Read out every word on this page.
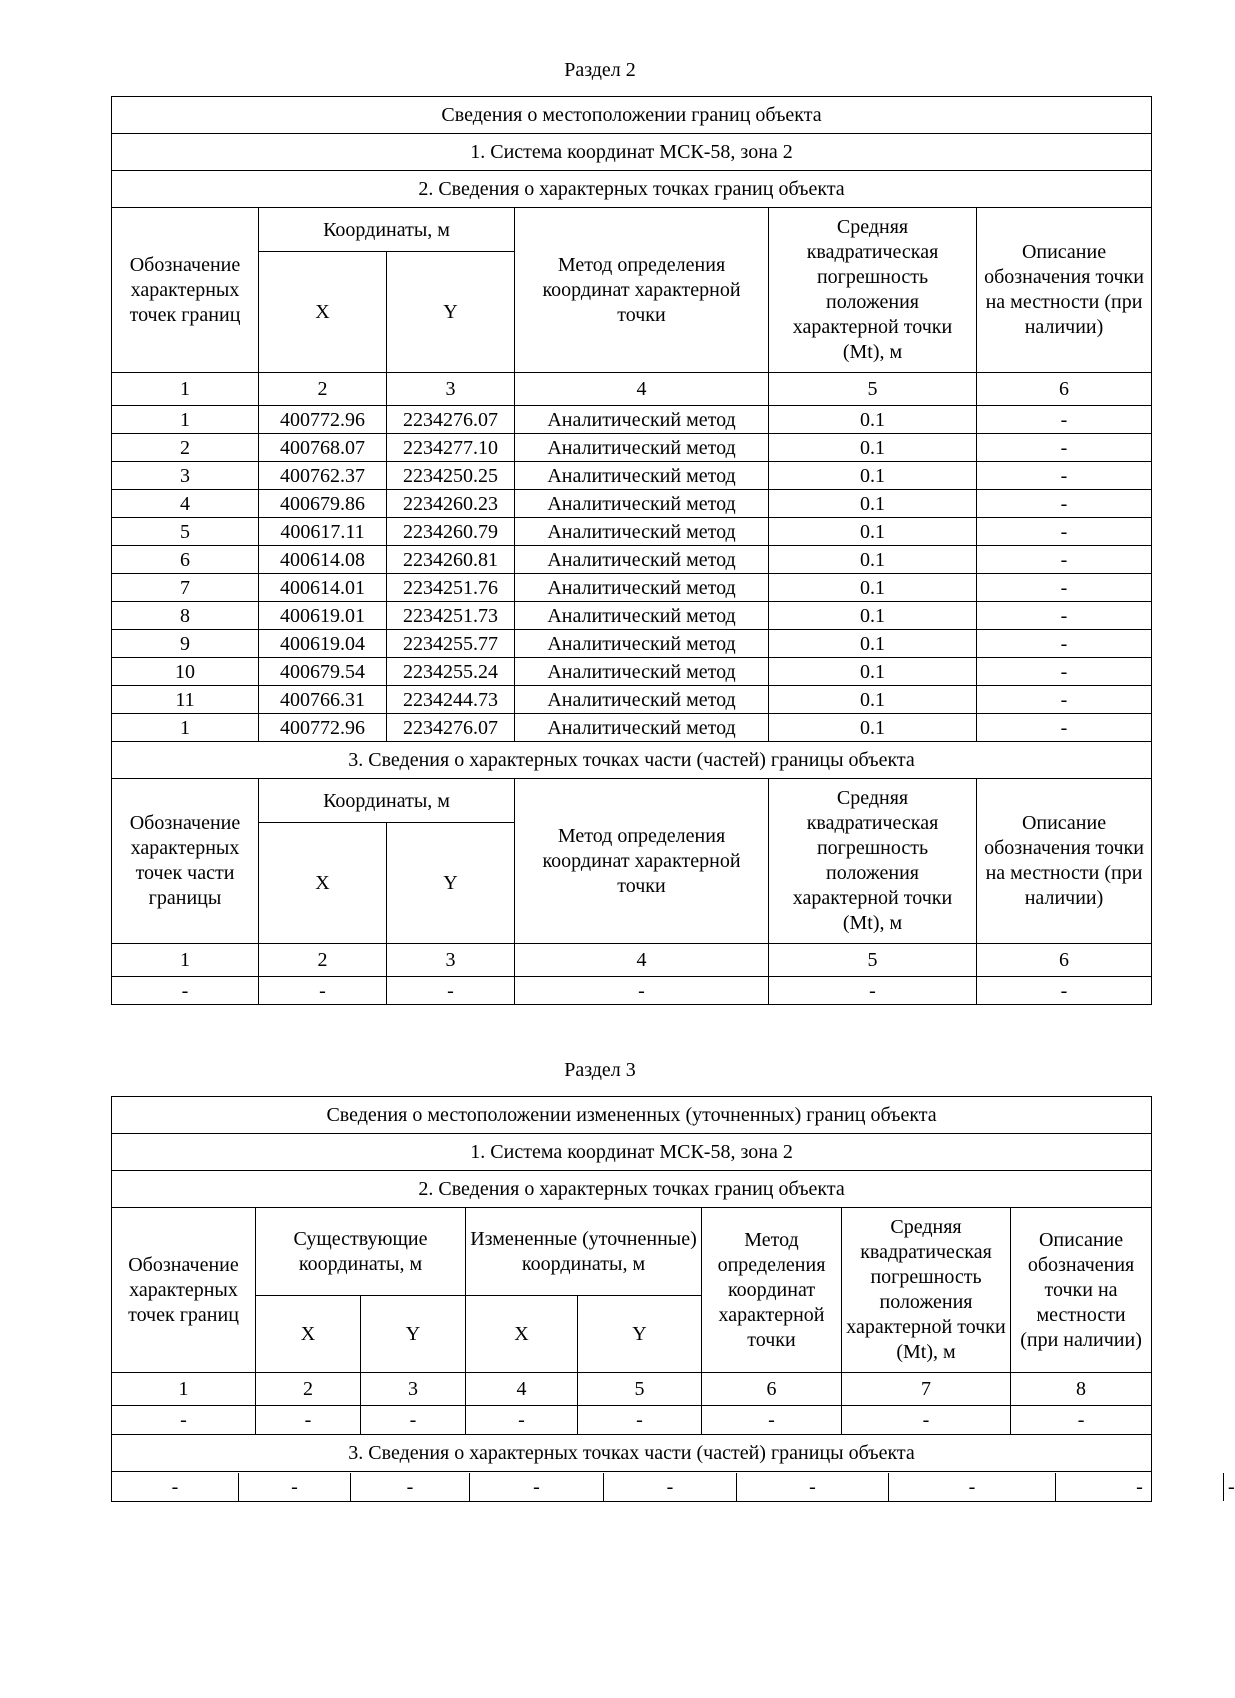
Раздел 2
Сведения о местоположении границ объекта					
1. Система координат МСК-58, зона 2					
2. Сведения о характерных точках границ объекта					
Обозначение характерных точек границ	Координаты, м		Метод определения координат характерной точки	Средняя квадратическая погрешность положения характерной точки (Mt), м	Описание обозначения точки на местности (при наличии)
	X	Y			
1	2	3	4	5	6
1	400772.96	2234276.07	Аналитический метод	0.1	-
2	400768.07	2234277.10	Аналитический метод	0.1	-
3	400762.37	2234250.25	Аналитический метод	0.1	-
4	400679.86	2234260.23	Аналитический метод	0.1	-
5	400617.11	2234260.79	Аналитический метод	0.1	-
6	400614.08	2234260.81	Аналитический метод	0.1	-
7	400614.01	2234251.76	Аналитический метод	0.1	-
8	400619.01	2234251.73	Аналитический метод	0.1	-
9	400619.04	2234255.77	Аналитический метод	0.1	-
10	400679.54	2234255.24	Аналитический метод	0.1	-
11	400766.31	2234244.73	Аналитический метод	0.1	-
1	400772.96	2234276.07	Аналитический метод	0.1	-
3. Сведения о характерных точках части (частей) границы объекта					
Обозначение характерных точек части границы	Координаты, м		Метод определения координат характерной точки	Средняя квадратическая погрешность положения характерной точки (Mt), м	Описание обозначения точки на местности (при наличии)
	X	Y			
1	2	3	4	5	6
-	-	-	-	-	-
Раздел 3
Сведения о местоположении измененных (уточненных) границ объекта
1. Система координат МСК-58, зона 2
2. Сведения о характерных точках границ объекта
Обозначение характерных точек границ	Существующие координаты, м	Измененные (уточненные) координаты, м	Метод определения координат характерной точки	Средняя квадратическая погрешность положения характерной точки (Mt), м	Описание обозначения точки на местности (при наличии)
X	Y	X	Y
1	2	3	4	5	6	7	8
-	-	-	-	-	-	-	-
3. Сведения о характерных точках части (частей) границы объекта

-	-	-	-	-	-	-	-	-
